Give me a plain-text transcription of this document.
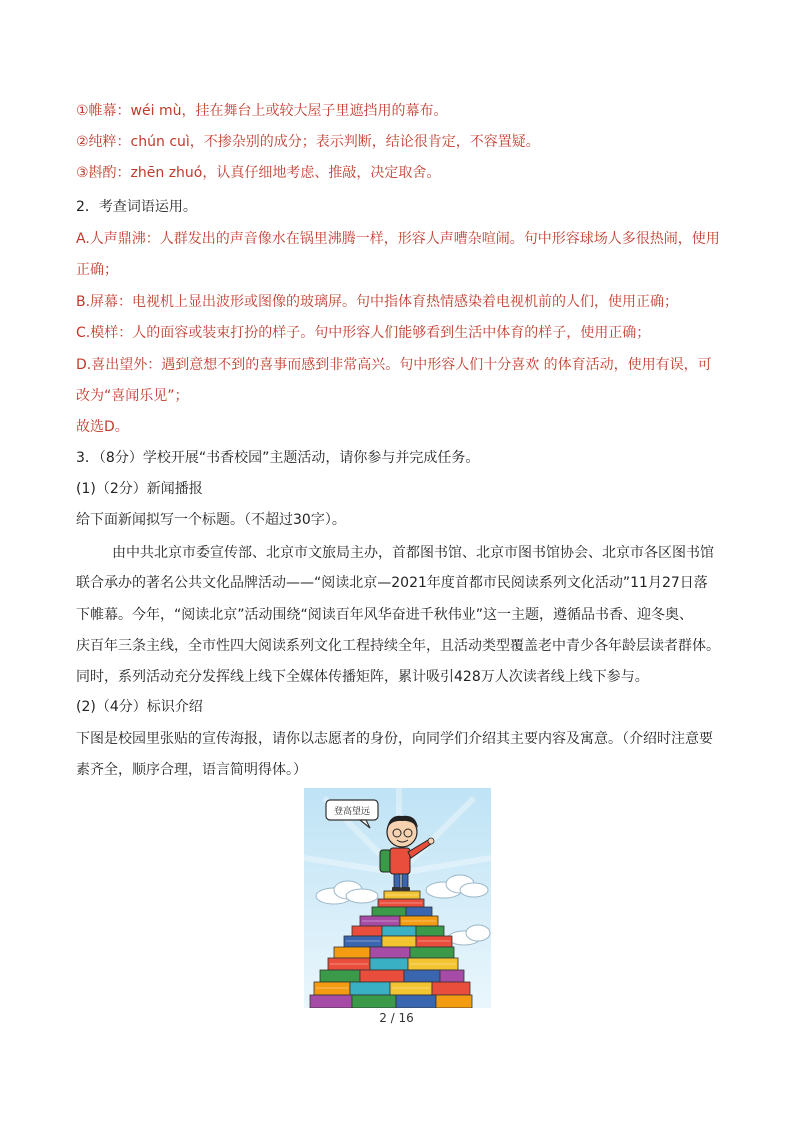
①帷幕：wéi mù，挂在舞台上或较大屋子里遮挡用的幕布。
②纯粹：chún cuì，不掺杂别的成分；表示判断，结论很肯定，不容置疑。
③斟酌：zhēn zhuó，认真仔细地考虑、推敲，决定取舍。
2．考查词语运用。
A.人声鼎沸：人群发出的声音像水在锅里沸腾一样，形容人声嘈杂喧闹。句中形容球场人多很热闹，使用
正确；
B.屏幕：电视机上显出波形或图像的玻璃屏。句中指体育热情感染着电视机前的人们，使用正确；
C.模样：人的面容或装束打扮的样子。句中形容人们能够看到生活中体育的样子，使用正确；
D.喜出望外：遇到意想不到的喜事而感到非常高兴。句中形容人们十分喜欢 的体育活动，使用有误，可
改为“喜闻乐见”；
故选D。
3．（8分）学校开展“书香校园”主题活动，请你参与并完成任务。
(1)（2分）新闻播报
给下面新闻拟写一个标题。（不超过30字）。
由中共北京市委宣传部、北京市文旅局主办，首都图书馆、北京市图书馆协会、北京市各区图书馆
联合承办的著名公共文化品牌活动——“阅读北京—2021年度首都市民阅读系列文化活动”11月27日落
下帷幕。今年，“阅读北京”活动围绕“阅读百年风华奋进千秋伟业”这一主题，遵循品书香、迎冬奥、
庆百年三条主线，全市性四大阅读系列文化工程持续全年，且活动类型覆盖老中青少各年龄层读者群体。
同时，系列活动充分发挥线上线下全媒体传播矩阵，累计吸引428万人次读者线上线下参与。
(2)（4分）标识介绍
下图是校园里张贴的宣传海报，请你以志愿者的身份，向同学们介绍其主要内容及寓意。（介绍时注意要
素齐全，顺序合理，语言简明得体。）
登高望远
2 / 16
